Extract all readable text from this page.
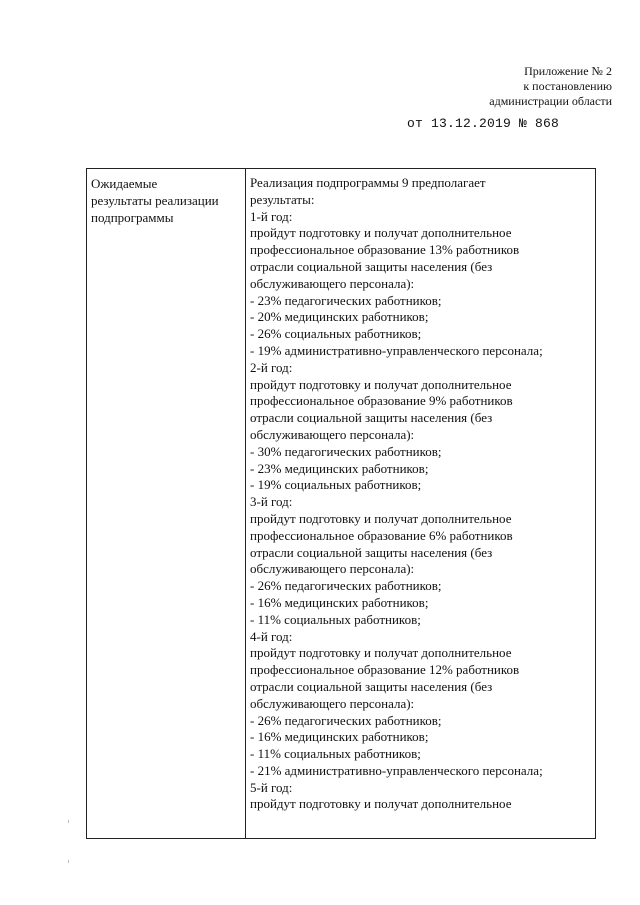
Приложение № 2
к постановлению
администрации области
от 13.12.2019 № 868
Ожидаемые
результаты реализации
подпрограммы
Реализация подпрограммы 9 предполагает
результаты:
1-й год:
пройдут подготовку и получат дополнительное
профессиональное образование 13% работников
отрасли социальной защиты населения (без
обслуживающего персонала):
- 23% педагогических работников;
- 20% медицинских работников;
- 26% социальных работников;
- 19% административно-управленческого персонала;
2-й год:
пройдут подготовку и получат дополнительное
профессиональное образование 9% работников
отрасли социальной защиты населения (без
обслуживающего персонала):
- 30% педагогических работников;
- 23% медицинских работников;
- 19% социальных работников;
3-й год:
пройдут подготовку и получат дополнительное
профессиональное образование 6% работников
отрасли социальной защиты населения (без
обслуживающего персонала):
- 26% педагогических работников;
- 16% медицинских работников;
- 11% социальных работников;
4-й год:
пройдут подготовку и получат дополнительное
профессиональное образование 12% работников
отрасли социальной защиты населения (без
обслуживающего персонала):
- 26% педагогических работников;
- 16% медицинских работников;
- 11% социальных работников;
- 21% административно-управленческого персонала;
5-й год:
пройдут подготовку и получат дополнительное
